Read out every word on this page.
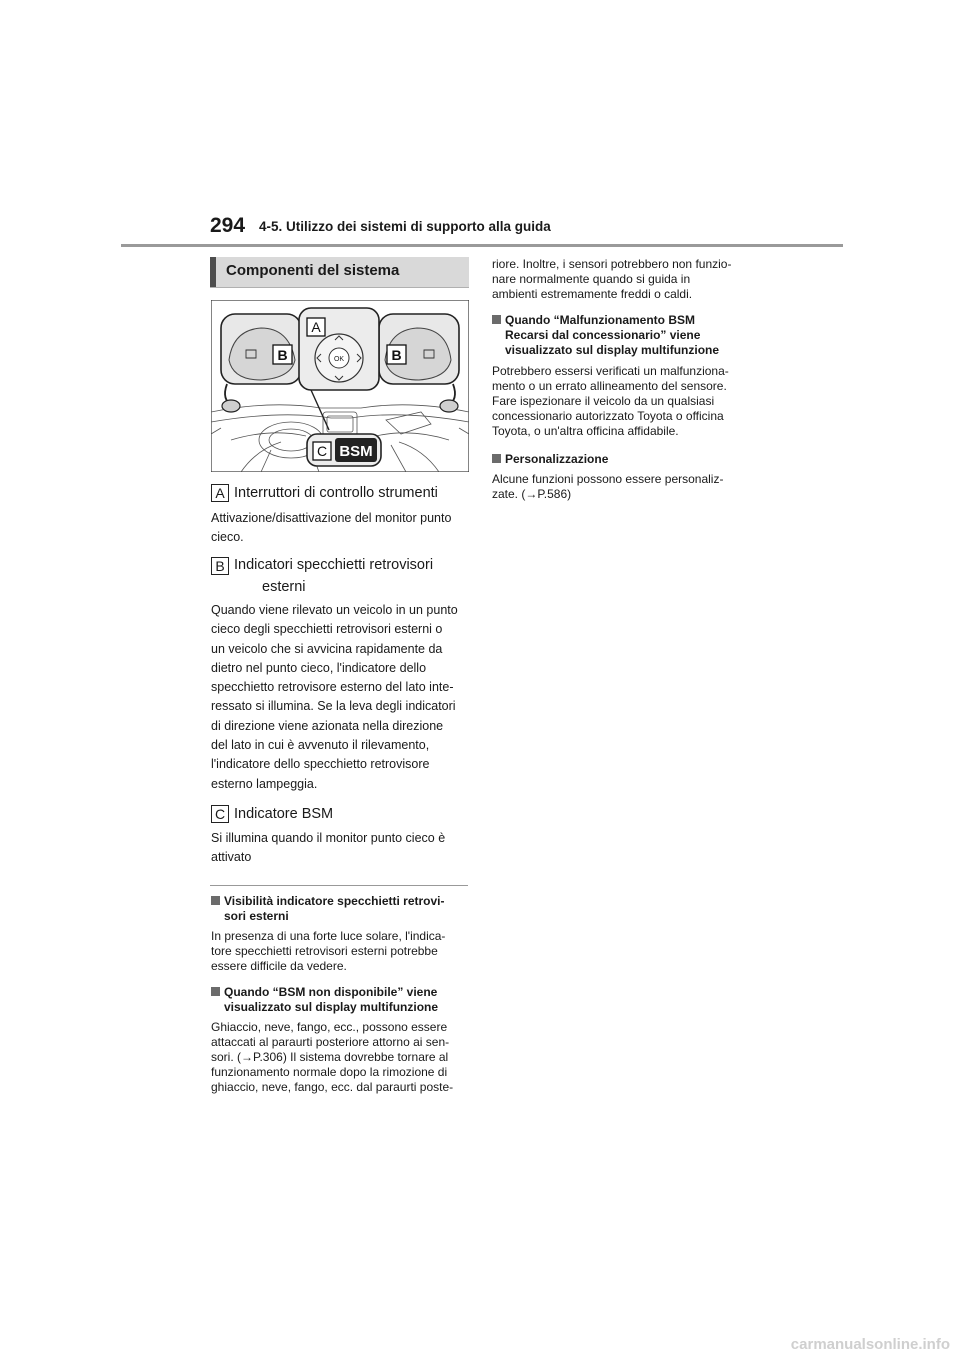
294 4-5. Utilizzo dei sistemi di supporto alla guida
Componenti del sistema
OK
A
B	B
C BSM
A Interruttori di controllo strumenti
Attivazione/disattivazione del monitor punto
cieco.
B Indicatori specchietti retrovisori
esterni
Quando viene rilevato un veicolo in un punto
cieco degli specchietti retrovisori esterni o
un veicolo che si avvicina rapidamente da
dietro nel punto cieco, l'indicatore dello
specchietto retrovisore esterno del lato inte-
ressato si illumina. Se la leva degli indicatori
di direzione viene azionata nella direzione
del lato in cui è avvenuto il rilevamento,
l'indicatore dello specchietto retrovisore
esterno lampeggia.
C Indicatore BSM
Si illumina quando il monitor punto cieco è
attivato
Visibilità indicatore specchietti retrovi-
sori esterni
In presenza di una forte luce solare, l'indica-
tore specchietti retrovisori esterni potrebbe
essere difficile da vedere.
Quando “BSM non disponibile” viene
visualizzato sul display multifunzione
Ghiaccio, neve, fango, ecc., possono essere
attaccati al paraurti posteriore attorno ai sen-
sori. (→P.306) Il sistema dovrebbe tornare al
funzionamento normale dopo la rimozione di
ghiaccio, neve, fango, ecc. dal paraurti poste-
riore. Inoltre, i sensori potrebbero non funzio-
nare normalmente quando si guida in
ambienti estremamente freddi o caldi.
Quando “Malfunzionamento BSM
Recarsi dal concessionario” viene
visualizzato sul display multifunzione
Potrebbero essersi verificati un malfunziona-
mento o un errato allineamento del sensore.
Fare ispezionare il veicolo da un qualsiasi
concessionario autorizzato Toyota o officina
Toyota, o un'altra officina affidabile.
Personalizzazione
Alcune funzioni possono essere personaliz-
zate. (→P.586)
carmanualsonline.info
